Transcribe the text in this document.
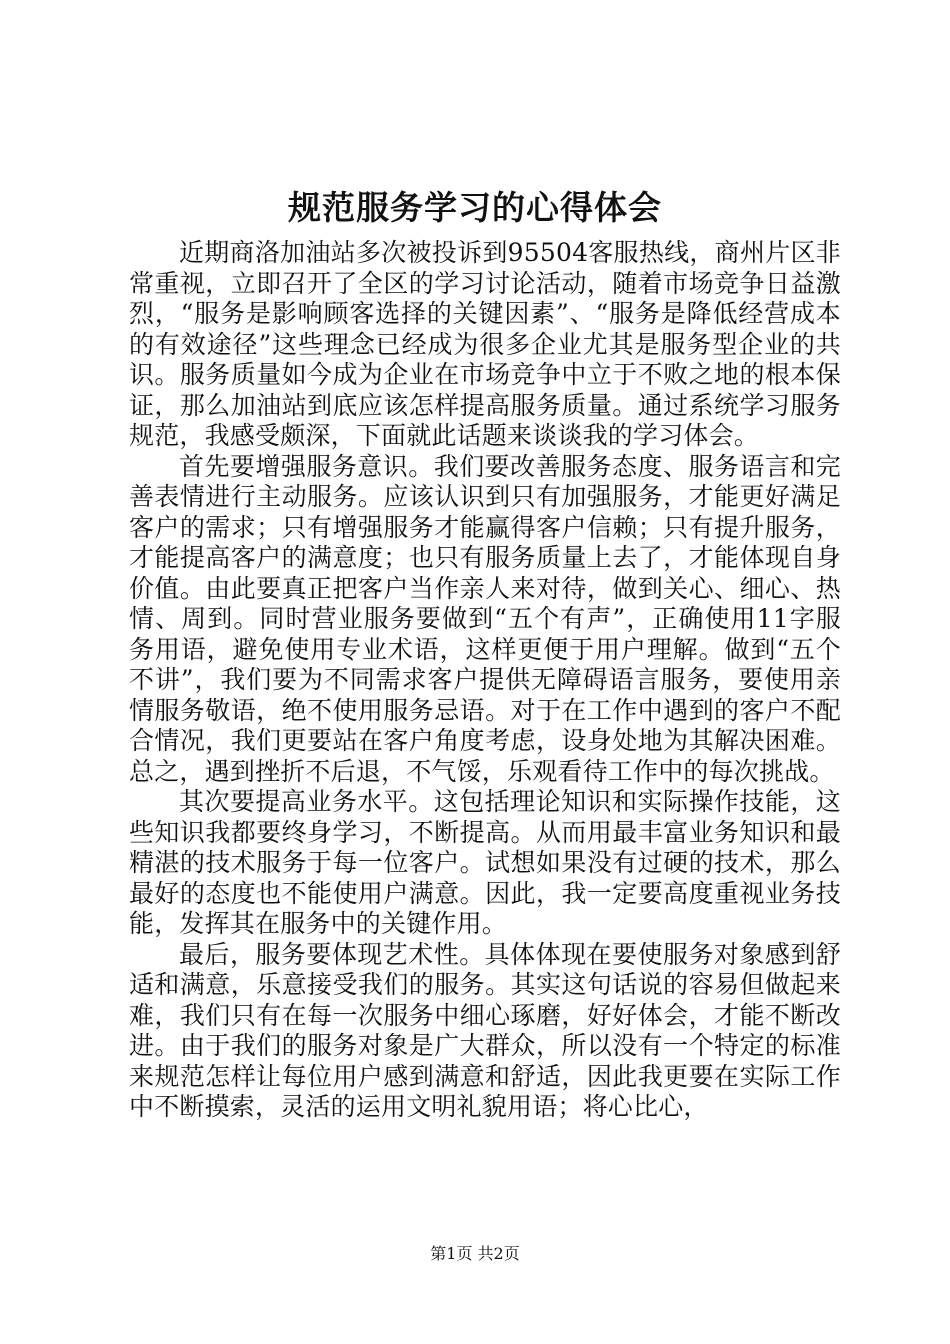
规范服务学习的心得体会

近期商洛加油站多次被投诉到95504客服热线，商州片区非常重视，立即召开了全区的学习讨论活动，随着市场竞争日益激烈，“服务是影响顾客选择的关键因素”、“服务是降低经营成本的有效途径”这些理念已经成为很多企业尤其是服务型企业的共识。服务质量如今成为企业在市场竞争中立于不败之地的根本保证，那么加油站到底应该怎样提高服务质量。通过系统学习服务规范，我感受颇深，下面就此话题来谈谈我的学习体会。

首先要增强服务意识。我们要改善服务态度、服务语言和完善表情进行主动服务。应该认识到只有加强服务，才能更好满足客户的需求；只有增强服务才能赢得客户信赖；只有提升服务，才能提高客户的满意度；也只有服务质量上去了，才能体现自身价值。由此要真正把客户当作亲人来对待，做到关心、细心、热情、周到。同时营业服务要做到“五个有声”，正确使用11字服务用语，避免使用专业术语，这样更便于用户理解。做到“五个不讲”，我们要为不同需求客户提供无障碍语言服务，要使用亲情服务敬语，绝不使用服务忌语。对于在工作中遇到的客户不配合情况，我们更要站在客户角度考虑，设身处地为其解决困难。总之，遇到挫折不后退，不气馁，乐观看待工作中的每次挑战。

其次要提高业务水平。这包括理论知识和实际操作技能，这些知识我都要终身学习，不断提高。从而用最丰富业务知识和最精湛的技术服务于每一位客户。试想如果没有过硬的技术，那么最好的态度也不能使用户满意。因此，我一定要高度重视业务技能，发挥其在服务中的关键作用。

最后，服务要体现艺术性。具体体现在要使服务对象感到舒适和满意，乐意接受我们的服务。其实这句话说的容易但做起来难，我们只有在每一次服务中细心琢磨，好好体会，才能不断改进。由于我们的服务对象是广大群众，所以没有一个特定的标准来规范怎样让每位用户感到满意和舒适，因此我更要在实际工作中不断摸索，灵活的运用文明礼貌用语；将心比心，

第1页 共2页
